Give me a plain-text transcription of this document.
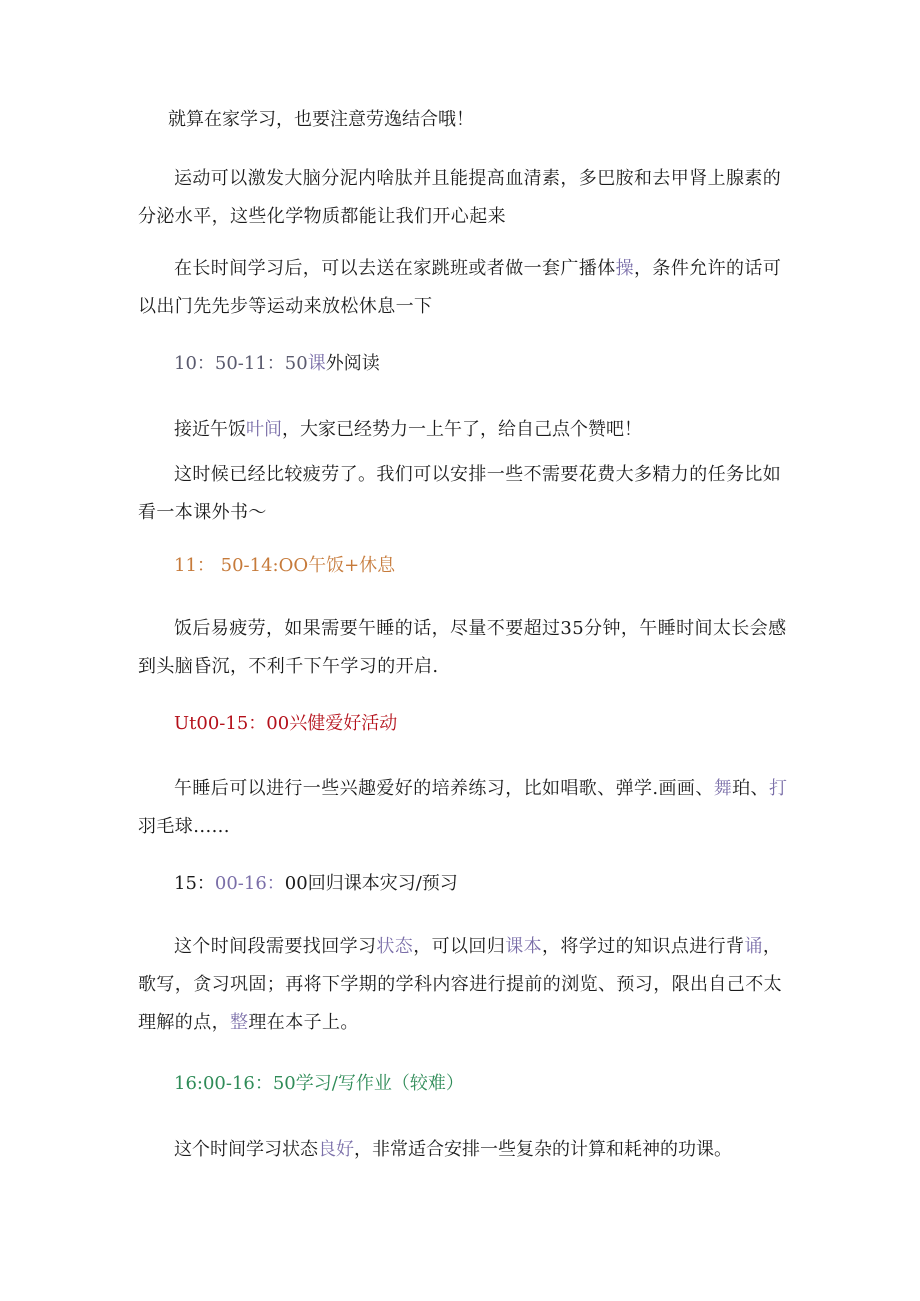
就算在家学习，也要注意劳逸结合哦！

运动可以激发大脑分泥内啥肽并且能提高血清素，多巴胺和去甲肾上腺素的分泌水平，这些化学物质都能让我们开心起来

在长时间学习后，可以去送在家跳班或者做一套广播体操，条件允许的话可以出门先先步等运动来放松休息一下

10：50-11：50课外阅读

接近午饭叶间，大家已经势力一上午了，给自己点个赞吧！

这时候已经比较疲劳了。我们可以安排一些不需要花费大多精力的任务比如看一本课外书〜

11： 50-14:OO午饭+休息

饭后易疲劳，如果需要午睡的话，尽量不要超过35分钟，午睡时间太长会感到头脑昏沉，不利千下午学习的开启.

Ut00-15：00兴健爱好活动

午睡后可以进行一些兴趣爱好的培养练习，比如唱歌、弹学.画画、舞珀、打羽毛球......

15：00-16：00回归课本灾习/预习

这个时间段需要找回学习状态，可以回归课本，将学过的知识点进行背诵，歌写，贪习巩固；再将下学期的学科内容进行提前的浏览、预习，限出自己不太理解的点，整理在本子上。

16:00-16：50学习/写作业（较难）

这个时间学习状态良好，非常适合安排一些复杂的计算和耗神的功课。
